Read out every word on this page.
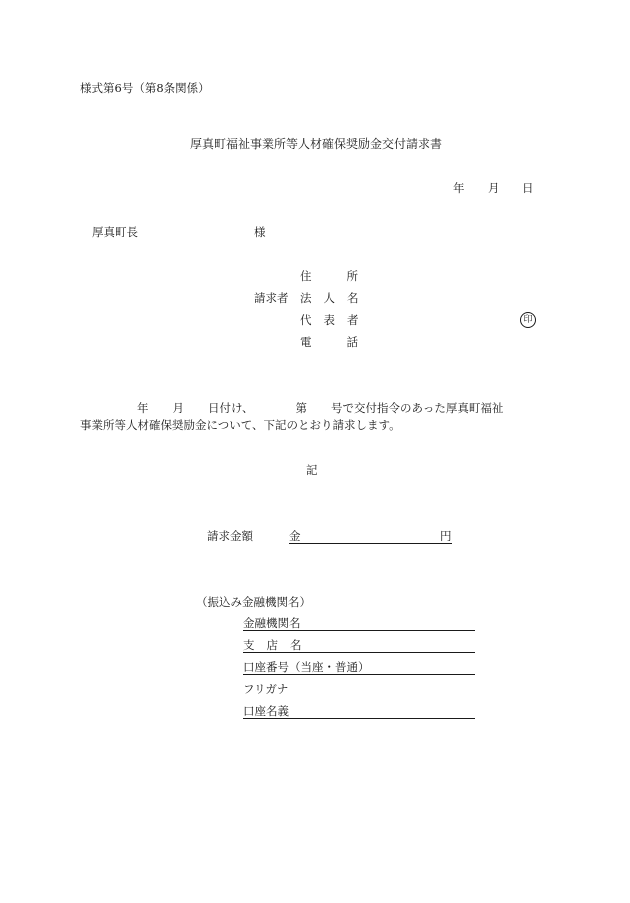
様式第6号（第8条関係）
厚真町福祉事業所等人材確保奨励金交付請求書
年 月 日
厚真町長	様
住	所
請求者 法 人 名
代 表 者	印
電	話
年 月 日付け、	第 号で交付指令のあった厚真町福祉
事業所等人材確保奨励金について、下記のとおり請求します。
記
請求金額	金	円
（振込み金融機関名）
金融機関名
支 店 名
口座番号（当座・普通）
フリガナ
口座名義
